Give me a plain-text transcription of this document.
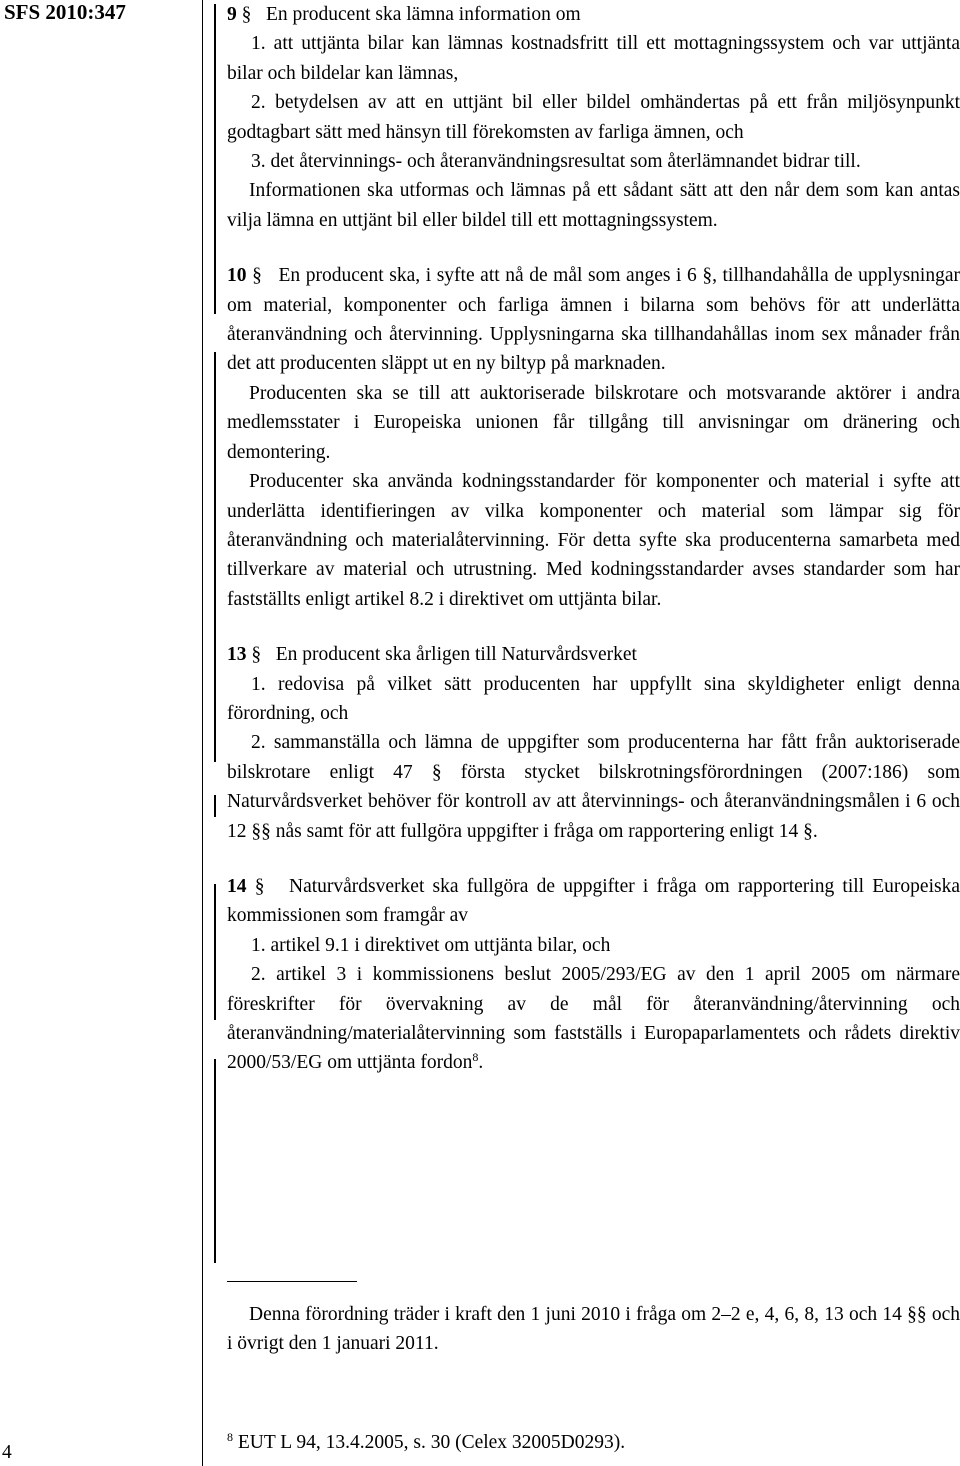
SFS 2010:347	9 §   En producent ska lämna information om

1. att uttjänta bilar kan lämnas kostnadsfritt till ett mottagningssystem och var uttjänta bilar och bildelar kan lämnas,

2. betydelsen av att en uttjänt bil eller bildel omhändertas på ett från miljösynpunkt godtagbart sätt med hänsyn till förekomsten av farliga ämnen, och

3. det återvinnings- och återanvändningsresultat som återlämnandet bidrar till.

Informationen ska utformas och lämnas på ett sådant sätt att den når dem som kan antas vilja lämna en uttjänt bil eller bildel till ett mottagningssystem.

10 §   En producent ska, i syfte att nå de mål som anges i 6 §, tillhandahålla de upplysningar om material, komponenter och farliga ämnen i bilarna som behövs för att underlätta återanvändning och återvinning. Upplysningarna ska tillhandahållas inom sex månader från det att producenten släppt ut en ny biltyp på marknaden.

Producenten ska se till att auktoriserade bilskrotare och motsvarande aktörer i andra medlemsstater i Europeiska unionen får tillgång till anvisningar om dränering och demontering.

Producenter ska använda kodningsstandarder för komponenter och material i syfte att underlätta identifieringen av vilka komponenter och material som lämpar sig för återanvändning och materialåtervinning. För detta syfte ska producenterna samarbeta med tillverkare av material och utrustning. Med kodningsstandarder avses standarder som har fastställts enligt artikel 8.2 i direktivet om uttjänta bilar.

13 §   En producent ska årligen till Naturvårdsverket

1. redovisa på vilket sätt producenten har uppfyllt sina skyldigheter enligt denna förordning, och

2. sammanställa och lämna de uppgifter som producenterna har fått från auktoriserade bilskrotare enligt 47 § första stycket bilskrotningsförordningen (2007:186) som Naturvårdsverket behöver för kontroll av att återvinnings- och återanvändningsmålen i 6 och 12 §§ nås samt för att fullgöra uppgifter i fråga om rapportering enligt 14 §.

14 §   Naturvårdsverket ska fullgöra de uppgifter i fråga om rapportering till Europeiska kommissionen som framgår av

1. artikel 9.1 i direktivet om uttjänta bilar, och

2. artikel 3 i kommissionens beslut 2005/293/EG av den 1 april 2005 om närmare föreskrifter för övervakning av de mål för återanvändning/återvinning och återanvändning/materialåtervinning som fastställs i Europaparlamentets och rådets direktiv 2000/53/EG om uttjänta fordon$^8$.

Denna förordning träder i kraft den 1 juni 2010 i fråga om 2–2 e, 4, 6, 8, 13 och 14 §§ och i övrigt den 1 januari 2011.

4
$^8$ EUT L 94, 13.4.2005, s. 30 (Celex 32005D0293).
